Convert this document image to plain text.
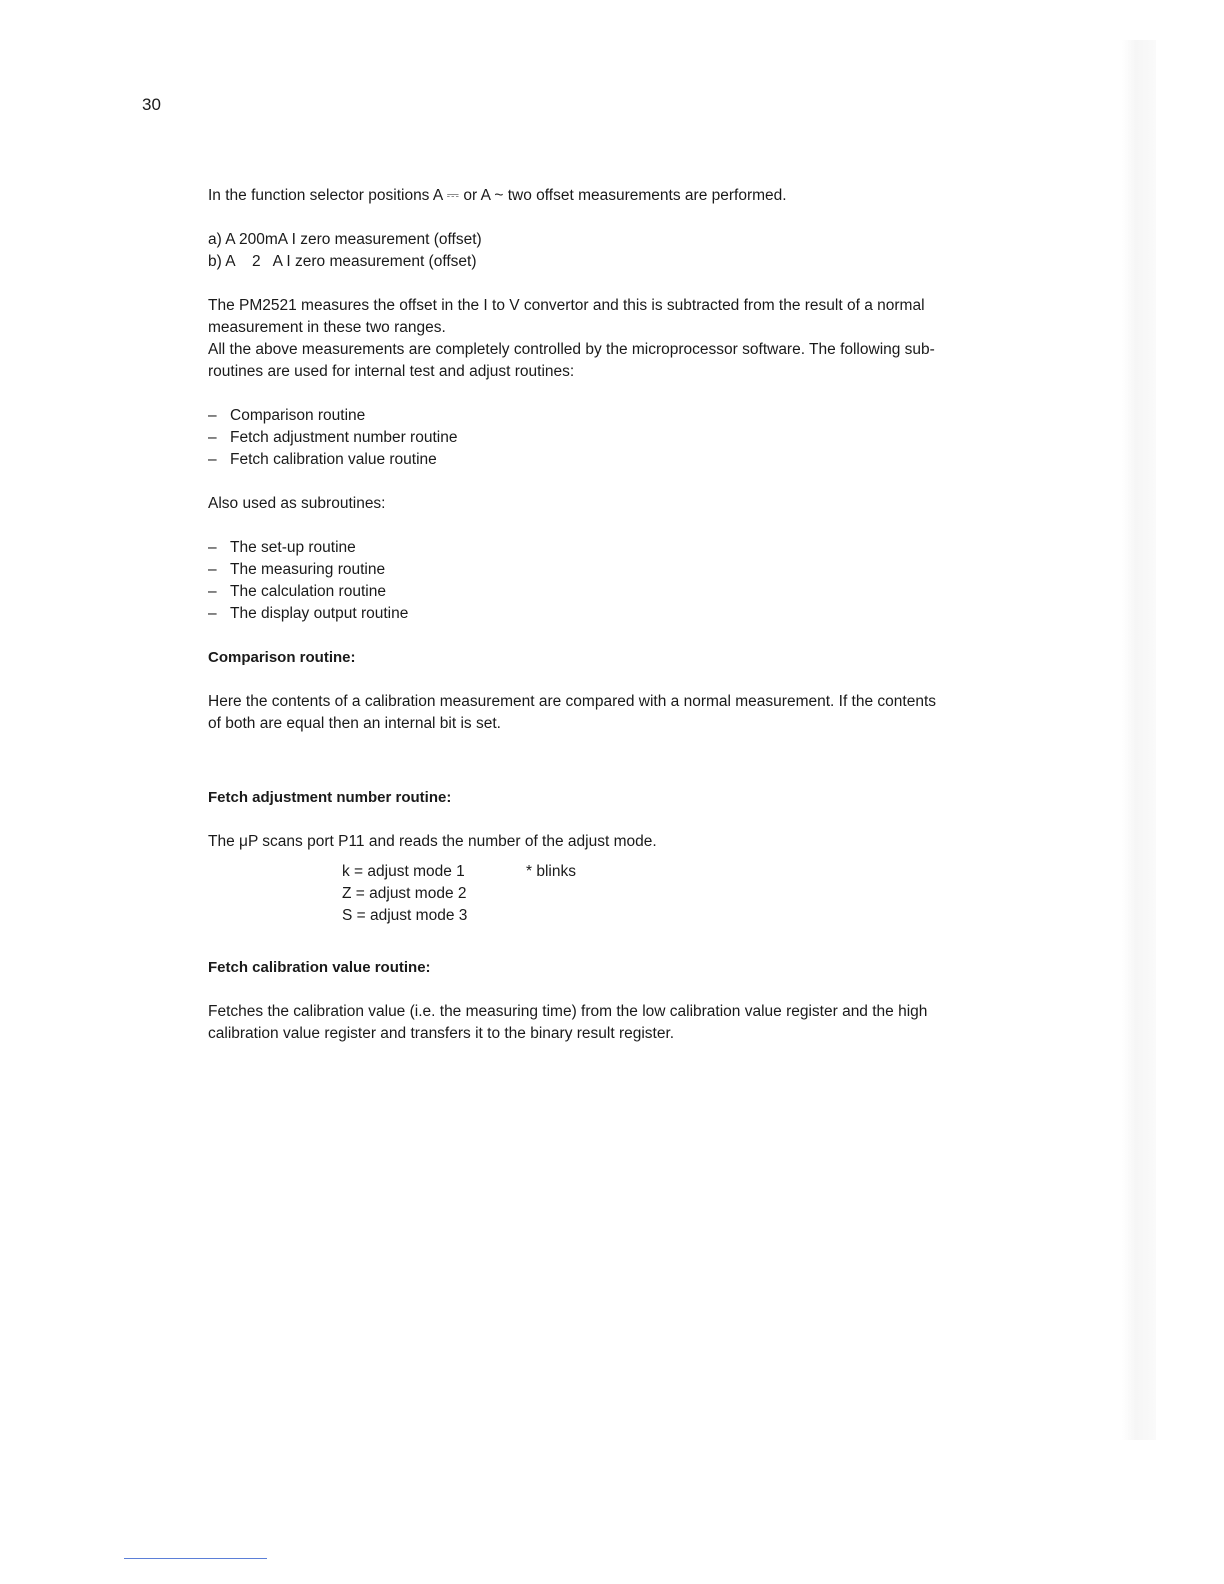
30

In the function selector positions A ⎓ or A ~ two offset measurements are performed.

a) A 200mA I zero measurement (offset)

b) A    2   A I zero measurement (offset)

The PM2521 measures the offset in the I to V convertor and this is subtracted from the result of a normal

measurement in these two ranges.

All the above measurements are completely controlled by the microprocessor software. The following sub-

routines are used for internal test and adjust routines:

– Comparison routine
– Fetch adjustment number routine
– Fetch calibration value routine

Also used as subroutines:

– The set-up routine
– The measuring routine
– The calculation routine
– The display output routine

Comparison routine:

Here the contents of a calibration measurement are compared with a normal measurement. If the contents

of both are equal then an internal bit is set.

Fetch adjustment number routine:

The μP scans port P11 and reads the number of the adjust mode.

k = adjust mode 1

Z = adjust mode 2

S = adjust mode 3

* blinks

Fetch calibration value routine:

Fetches the calibration value (i.e. the measuring time) from the low calibration value register and the high

calibration value register and transfers it to the binary result register.
